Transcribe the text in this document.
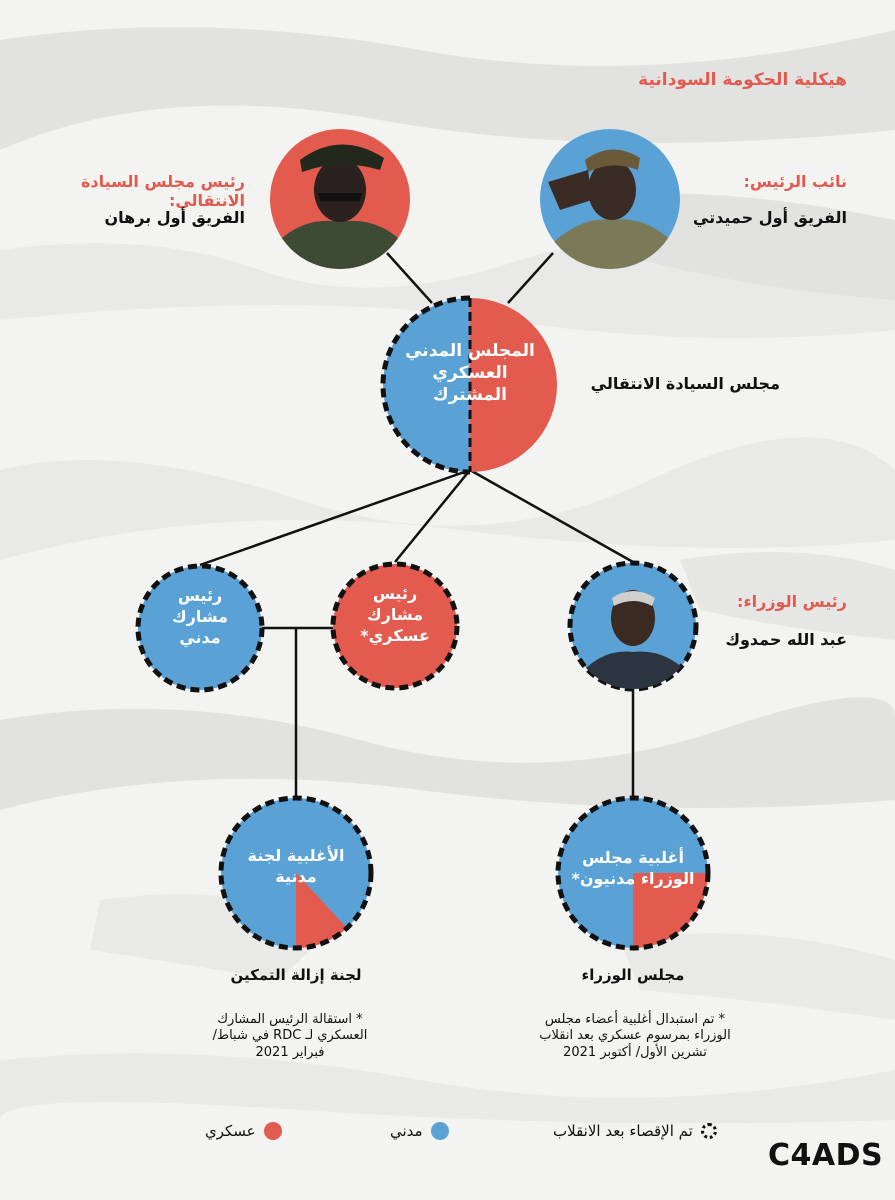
هيكلية الحكومة السودانية
رئيس مجلس السيادة الانتقالي:
الفريق أول برهان
نائب الرئيس:
الفريق أول حميدتي
المجلس المدني
العسكري
المشترك
مجلس السيادة الانتقالي
رئيس
مشارك
مدني
رئيس
مشارك
عسكري*
رئيس الوزراء:
عبد الله حمدوك
الأغلبية لجنة
مدنية
أغلبية مجلس
الوزراء مدنيون*
لجنة إزالة التمكين	مجلس الوزراء
* استقالة الرئيس المشارك
العسكري لـ RDC في شباط/
فبراير 2021
* تم استبدال أغلبية أعضاء مجلس
الوزراء بمرسوم عسكري بعد انقلاب
تشرين الأول/ أكتوبر 2021
عسكري	مدني	تم الإقصاء بعد الانقلاب
C4ADS
